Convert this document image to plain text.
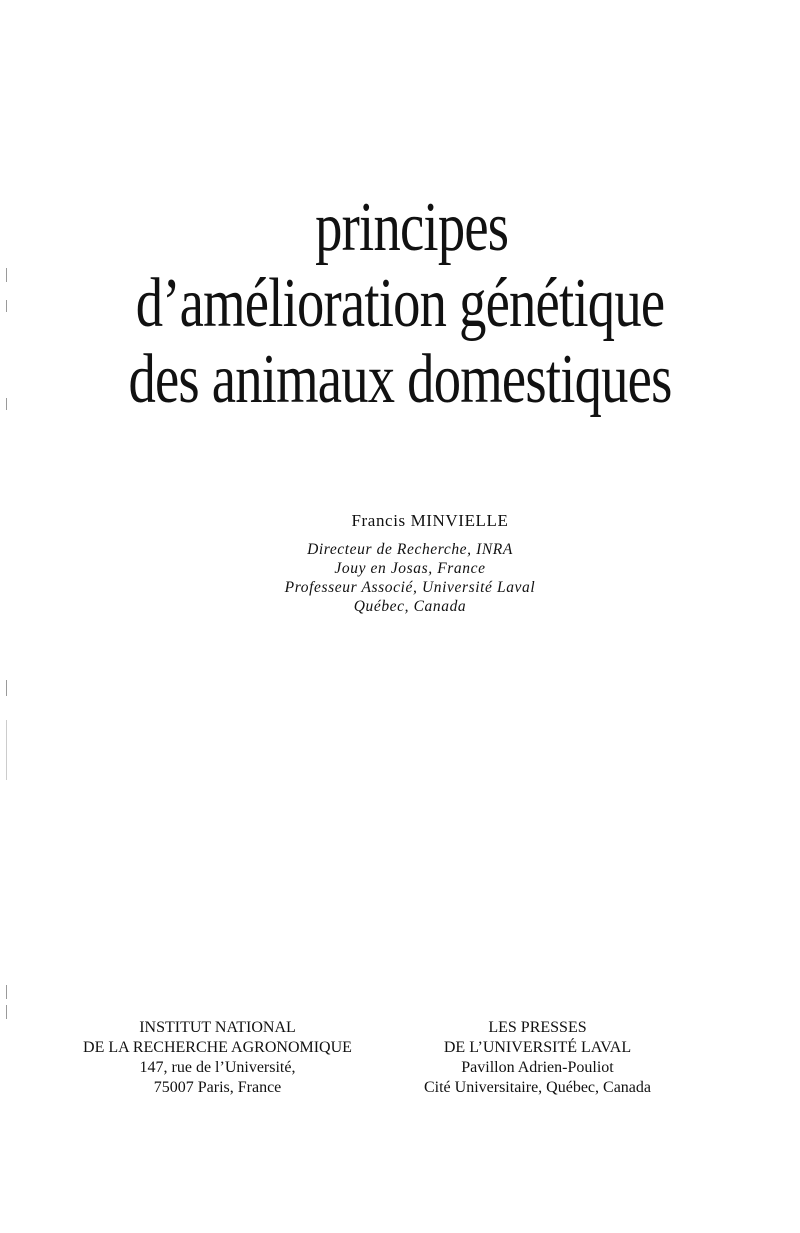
principes
d’amélioration génétique
des animaux domestiques
Francis MINVIELLE
Directeur de Recherche, INRA
Jouy en Josas, France
Professeur Associé, Université Laval
Québec, Canada
INSTITUT NATIONAL
DE LA RECHERCHE AGRONOMIQUE
147, rue de l’Université,
75007 Paris, France
LES PRESSES
DE L’UNIVERSITÉ LAVAL
Pavillon Adrien-Pouliot
Cité Universitaire, Québec, Canada
